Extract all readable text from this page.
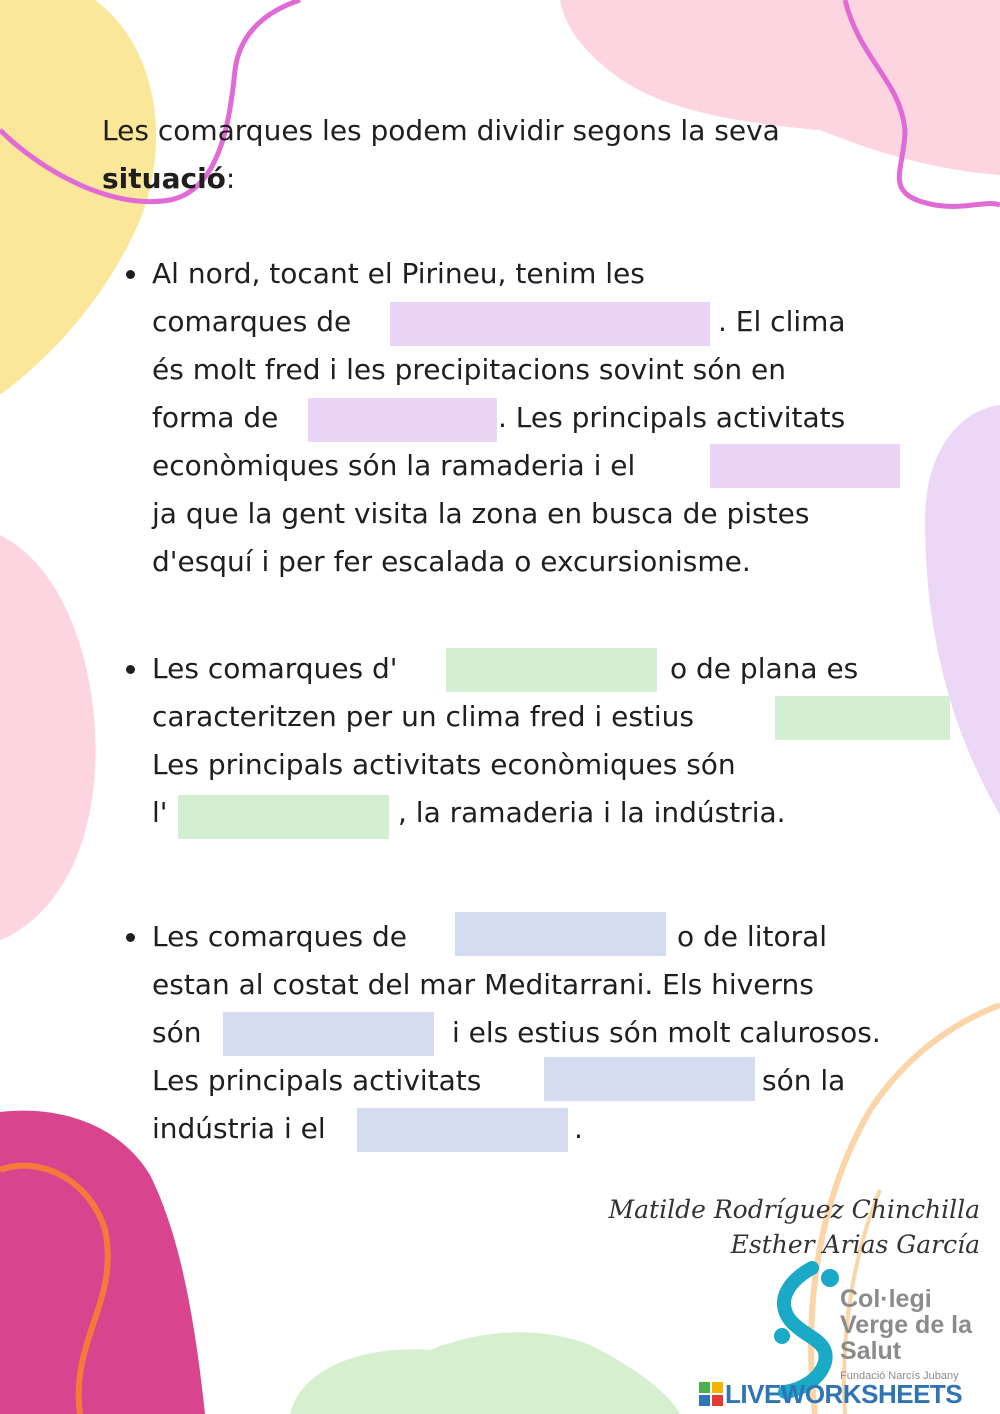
Les comarques les podem dividir segons la seva
situació:
Al nord, tocant el Pirineu, tenim les
comarques de	. El clima
és molt fred i les precipitacions sovint són en
forma de	. Les principals activitats
econòmiques són la ramaderia i el
ja que la gent visita la zona en busca de pistes
d'esquí i per fer escalada o excursionisme.
Les comarques d'	o de plana es
caracteritzen per un clima fred i estius
Les principals activitats econòmiques són
l'	, la ramaderia i la indústria.
Les comarques de	o de litoral
estan al costat del mar Meditarrani. Els hiverns
són	i els estius són molt calurosos.
Les principals activitats	són la
indústria i el	.
Matilde Rodríguez Chinchilla
Esther Arias García
Col·legi
Verge de la
Salut
Fundació Narcís Jubany
LIVEWORKSHEETS
